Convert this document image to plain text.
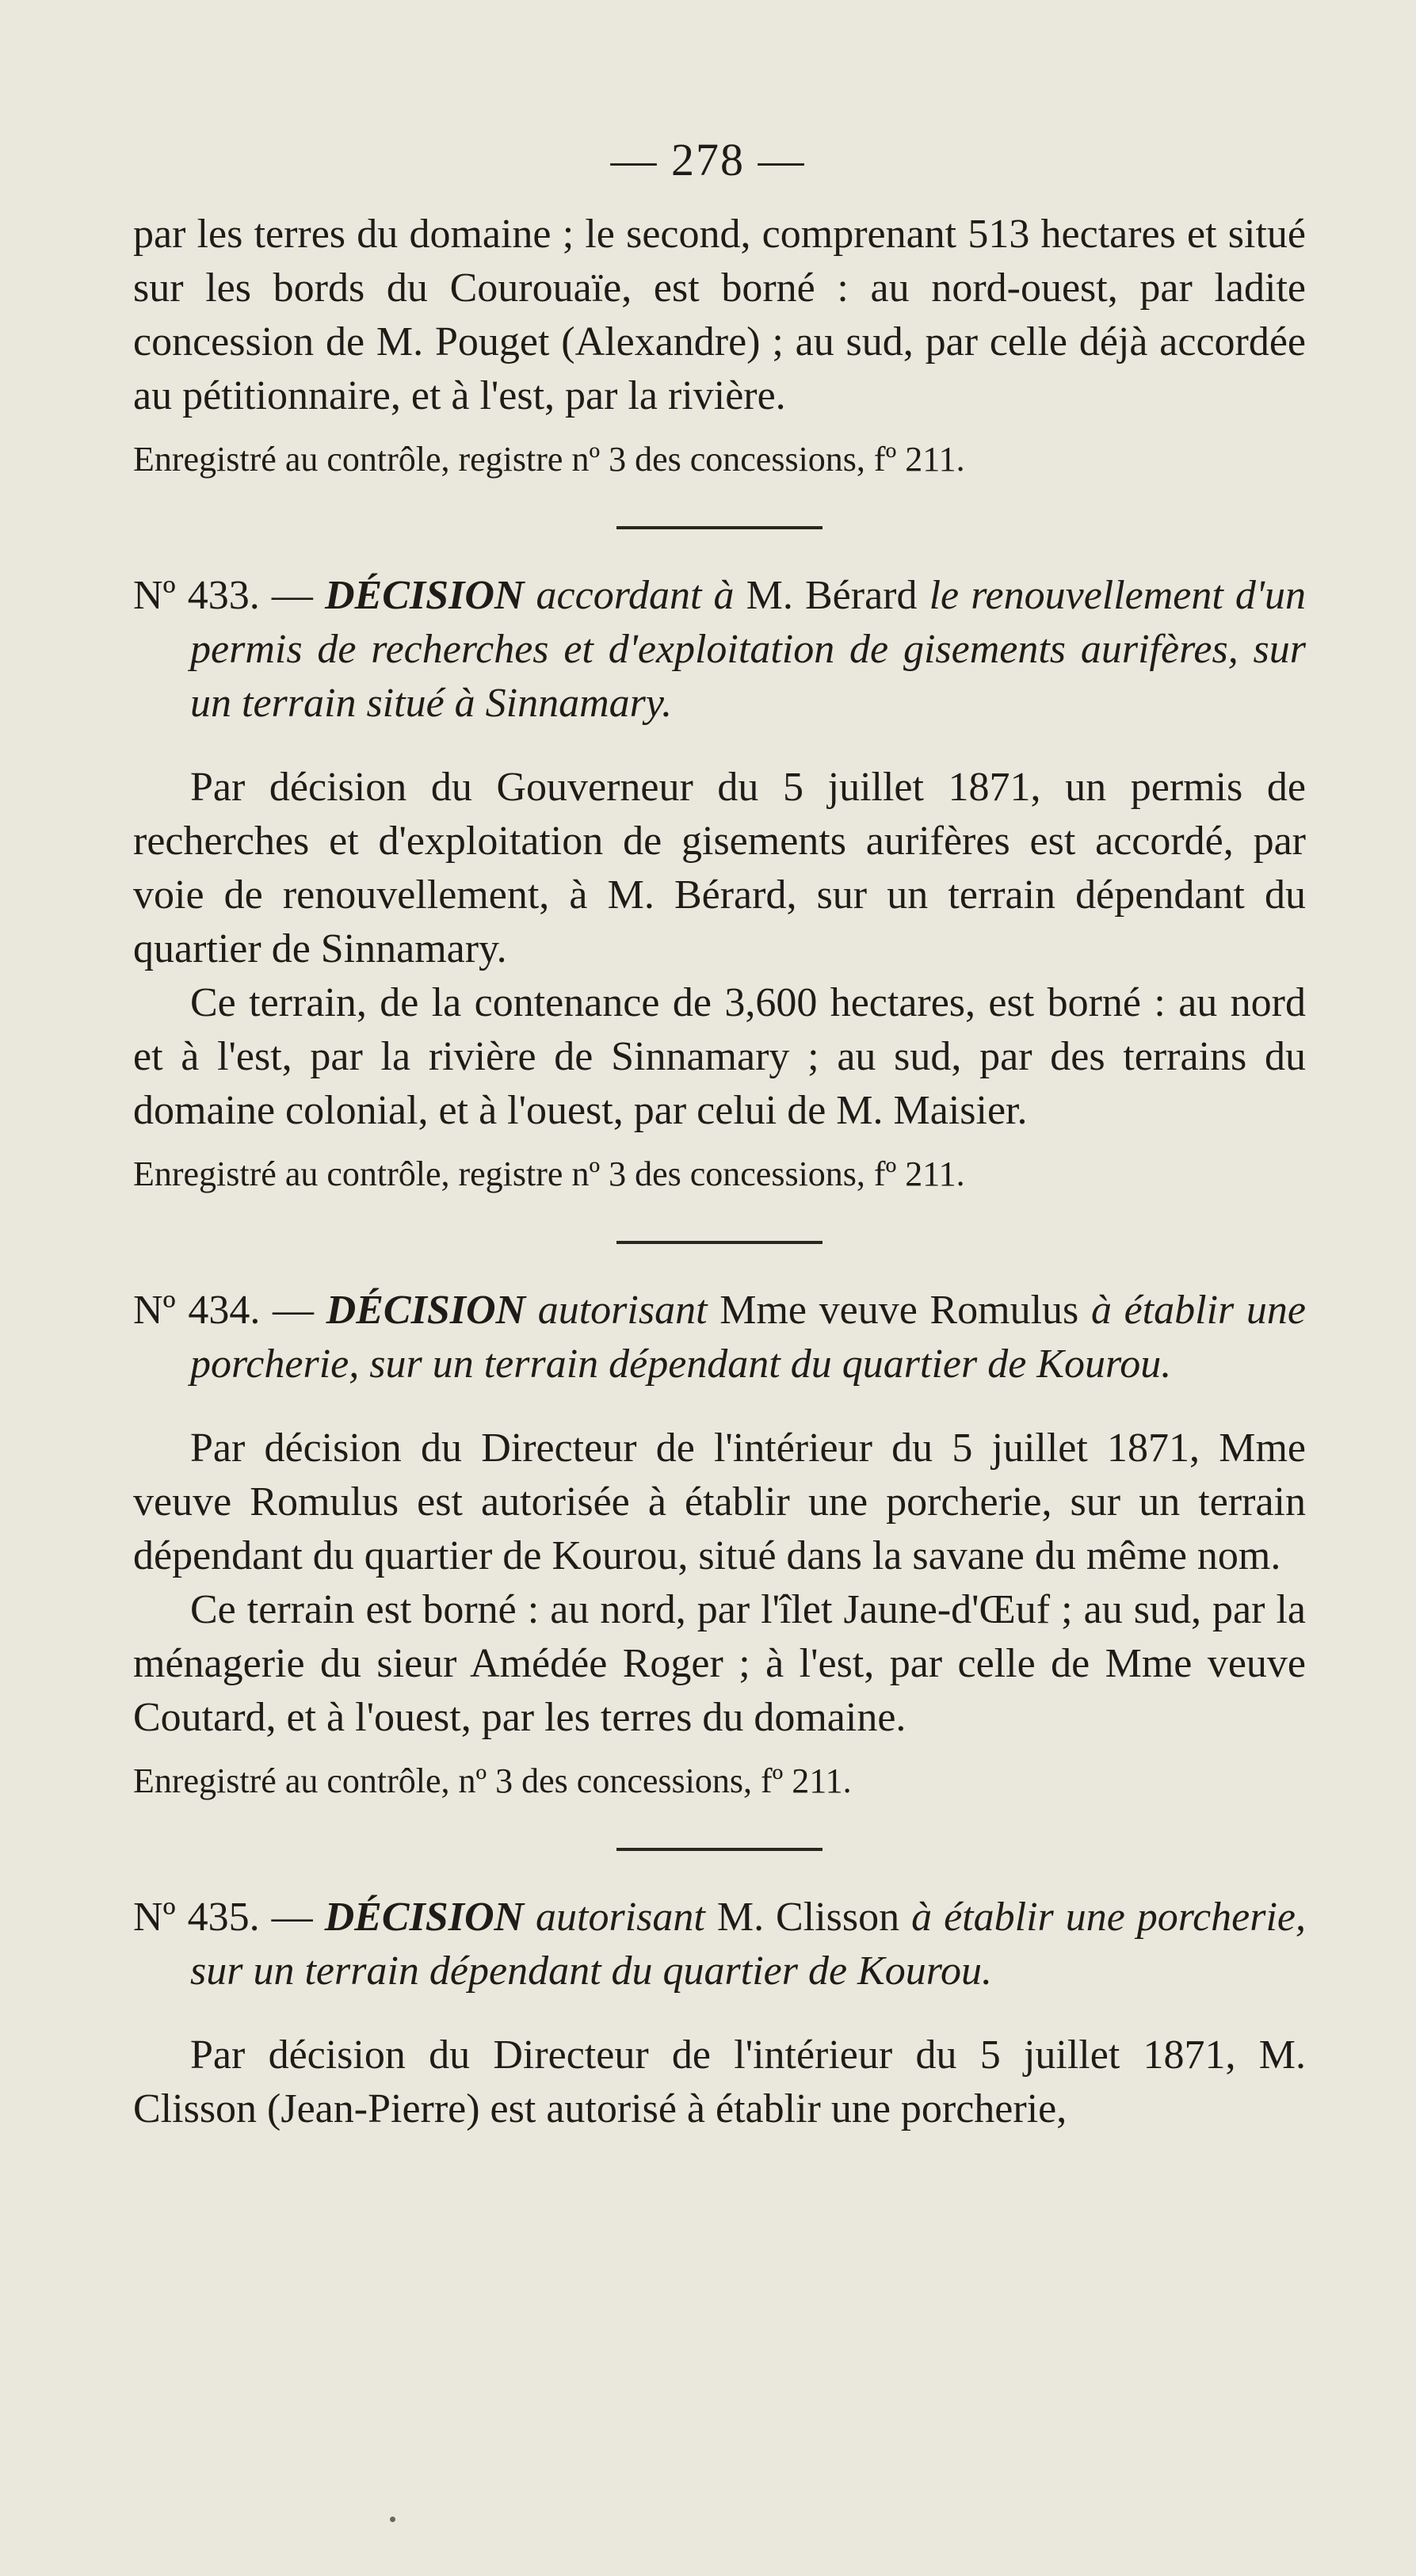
— 278 —

par les terres du domaine ; le second, comprenant 513 hectares et situé sur les bords du Courouaïe, est borné : au nord-ouest, par ladite concession de M. Pouget (Alexandre) ; au sud, par celle déjà accordée au pétitionnaire, et à l'est, par la rivière.

Enregistré au contrôle, registre nº 3 des concessions, fº 211.

Nº 433. — DÉCISION accordant à M. Bérard le renouvellement d'un permis de recherches et d'exploitation de gisements aurifères, sur un terrain situé à Sinnamary.

Par décision du Gouverneur du 5 juillet 1871, un permis de recherches et d'exploitation de gisements aurifères est accordé, par voie de renouvellement, à M. Bérard, sur un terrain dépendant du quartier de Sinnamary.

Ce terrain, de la contenance de 3,600 hectares, est borné : au nord et à l'est, par la rivière de Sinnamary ; au sud, par des terrains du domaine colonial, et à l'ouest, par celui de M. Maisier.

Enregistré au contrôle, registre nº 3 des concessions, fº 211.

Nº 434. — DÉCISION autorisant Mme veuve Romulus à établir une porcherie, sur un terrain dépendant du quartier de Kourou.

Par décision du Directeur de l'intérieur du 5 juillet 1871, Mme veuve Romulus est autorisée à établir une porcherie, sur un terrain dépendant du quartier de Kourou, situé dans la savane du même nom.

Ce terrain est borné : au nord, par l'îlet Jaune-d'Œuf ; au sud, par la ménagerie du sieur Amédée Roger ; à l'est, par celle de Mme veuve Coutard, et à l'ouest, par les terres du domaine.

Enregistré au contrôle, nº 3 des concessions, fº 211.

Nº 435. — DÉCISION autorisant M. Clisson à établir une porcherie, sur un terrain dépendant du quartier de Kourou.

Par décision du Directeur de l'intérieur du 5 juillet 1871, M. Clisson (Jean-Pierre) est autorisé à établir une porcherie,
